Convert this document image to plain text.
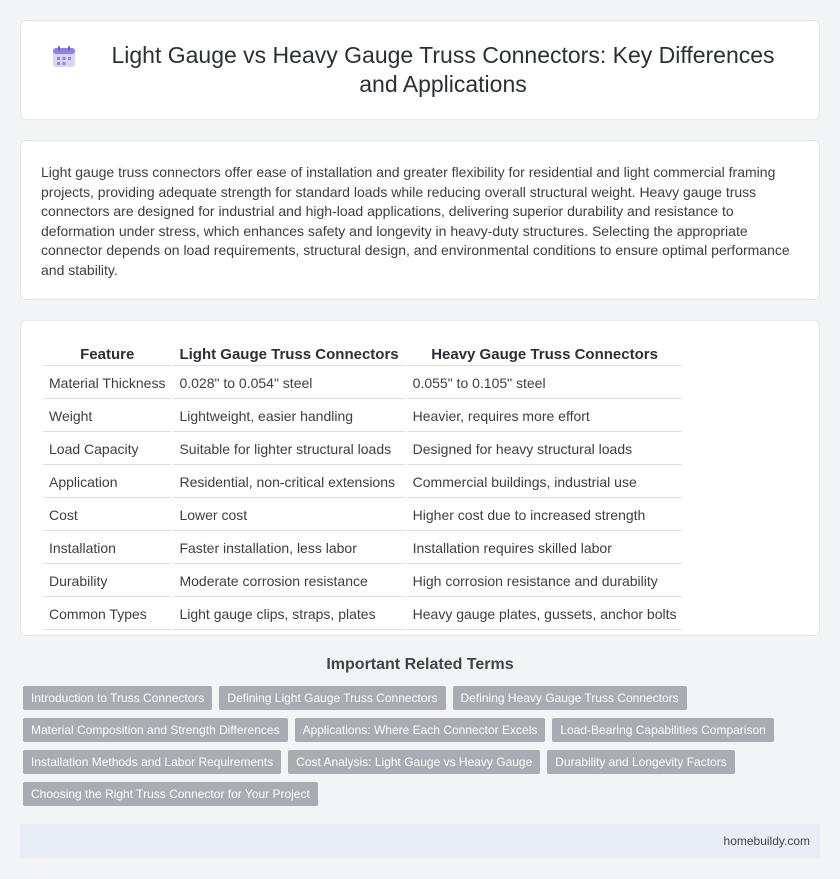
Light Gauge vs Heavy Gauge Truss Connectors: Key Differences and Applications

Light gauge truss connectors offer ease of installation and greater flexibility for residential and light commercial framing projects, providing adequate strength for standard loads while reducing overall structural weight. Heavy gauge truss connectors are designed for industrial and high-load applications, delivering superior durability and resistance to deformation under stress, which enhances safety and longevity in heavy-duty structures. Selecting the appropriate connector depends on load requirements, structural design, and environmental conditions to ensure optimal performance and stability.

Feature	Light Gauge Truss Connectors	Heavy Gauge Truss Connectors
Material Thickness	0.028" to 0.054" steel	0.055" to 0.105" steel
Weight	Lightweight, easier handling	Heavier, requires more effort
Load Capacity	Suitable for lighter structural loads	Designed for heavy structural loads
Application	Residential, non-critical extensions	Commercial buildings, industrial use
Cost	Lower cost	Higher cost due to increased strength
Installation	Faster installation, less labor	Installation requires skilled labor
Durability	Moderate corrosion resistance	High corrosion resistance and durability
Common Types	Light gauge clips, straps, plates	Heavy gauge plates, gussets, anchor bolts
Important Related Terms
Introduction to Truss Connectors	Defining Light Gauge Truss Connectors	Defining Heavy Gauge Truss Connectors
Material Composition and Strength Differences	Applications: Where Each Connector Excels	Load-Bearing Capabilities Comparison
Installation Methods and Labor Requirements	Cost Analysis: Light Gauge vs Heavy Gauge	Durability and Longevity Factors
Choosing the Right Truss Connector for Your Project
homebuildy.com
